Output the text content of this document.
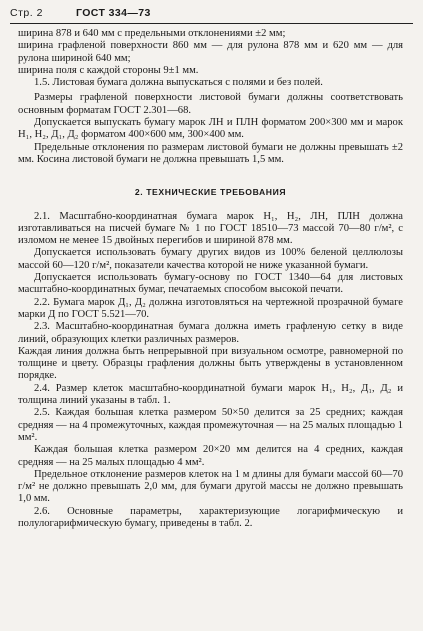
Стр. 2	ГОСТ 334—73

ширина 878 и 640 мм с предельными отклонениями ±2 мм;

ширина графленой поверхности 860 мм — для рулона 878 мм и 620 мм — для рулона шириной 640 мм;

ширина поля с каждой стороны 9±1 мм.

1.5. Листовая бумага должна выпускаться с полями и без полей.

Размеры графленой поверхности листовой бумаги должны соответствовать основным форматам ГОСТ 2.301—68.

Допускается выпускать бумагу марок ЛН и ПЛН форматом 200×300 мм и марок Н₁, Н₂, Д₁, Д₂ форматом 400×600 мм, 300×400 мм.

Предельные отклонения по размерам листовой бумаги не должны превышать ±2 мм. Косина листовой бумаги не должна превышать 1,5 мм.

2. ТЕХНИЧЕСКИЕ ТРЕБОВАНИЯ

2.1. Масштабно-координатная бумага марок Н₁, Н₂, ЛН, ПЛН должна изготавливаться на писчей бумаге № 1 по ГОСТ 18510—73 массой 70—80 г/м², с изломом не менее 15 двойных перегибов и шириной 878 мм.

Допускается использовать бумагу других видов из 100% беленой целлюлозы массой 60—120 г/м², показатели качества которой не ниже указанной бумаги.

Допускается использовать бумагу-основу по ГОСТ 1340—64 для листовых масштабно-координатных бумаг, печатаемых способом высокой печати.

2.2. Бумага марок Д₁, Д₂ должна изготовляться на чертежной прозрачной бумаге марки Д по ГОСТ 5.521—70.

2.3. Масштабно-координатная бумага должна иметь графленую сетку в виде линий, образующих клетки различных размеров.

Каждая линия должна быть непрерывной при визуальном осмотре, равномерной по толщине и цвету. Образцы графления должны быть утверждены в установленном порядке.

2.4. Размер клеток масштабно-координатной бумаги марок Н₁, Н₂, Д₁, Д₂ и толщина линий указаны в табл. 1.

2.5. Каждая большая клетка размером 50×50 делится за 25 средних; каждая средняя — на 4 промежуточных, каждая промежуточная — на 25 малых площадью 1 мм².

Каждая большая клетка размером 20×20 мм делится на 4 средних, каждая средняя — на 25 малых площадью 4 мм².

Предельное отклонение размеров клеток на 1 м длины для бумаги массой 60—70 г/м² не должно превышать 2,0 мм, для бумаги другой массы не должно превышать 1,0 мм.

2.6. Основные параметры, характеризующие логарифмическую и полулогарифмическую бумагу, приведены в табл. 2.
